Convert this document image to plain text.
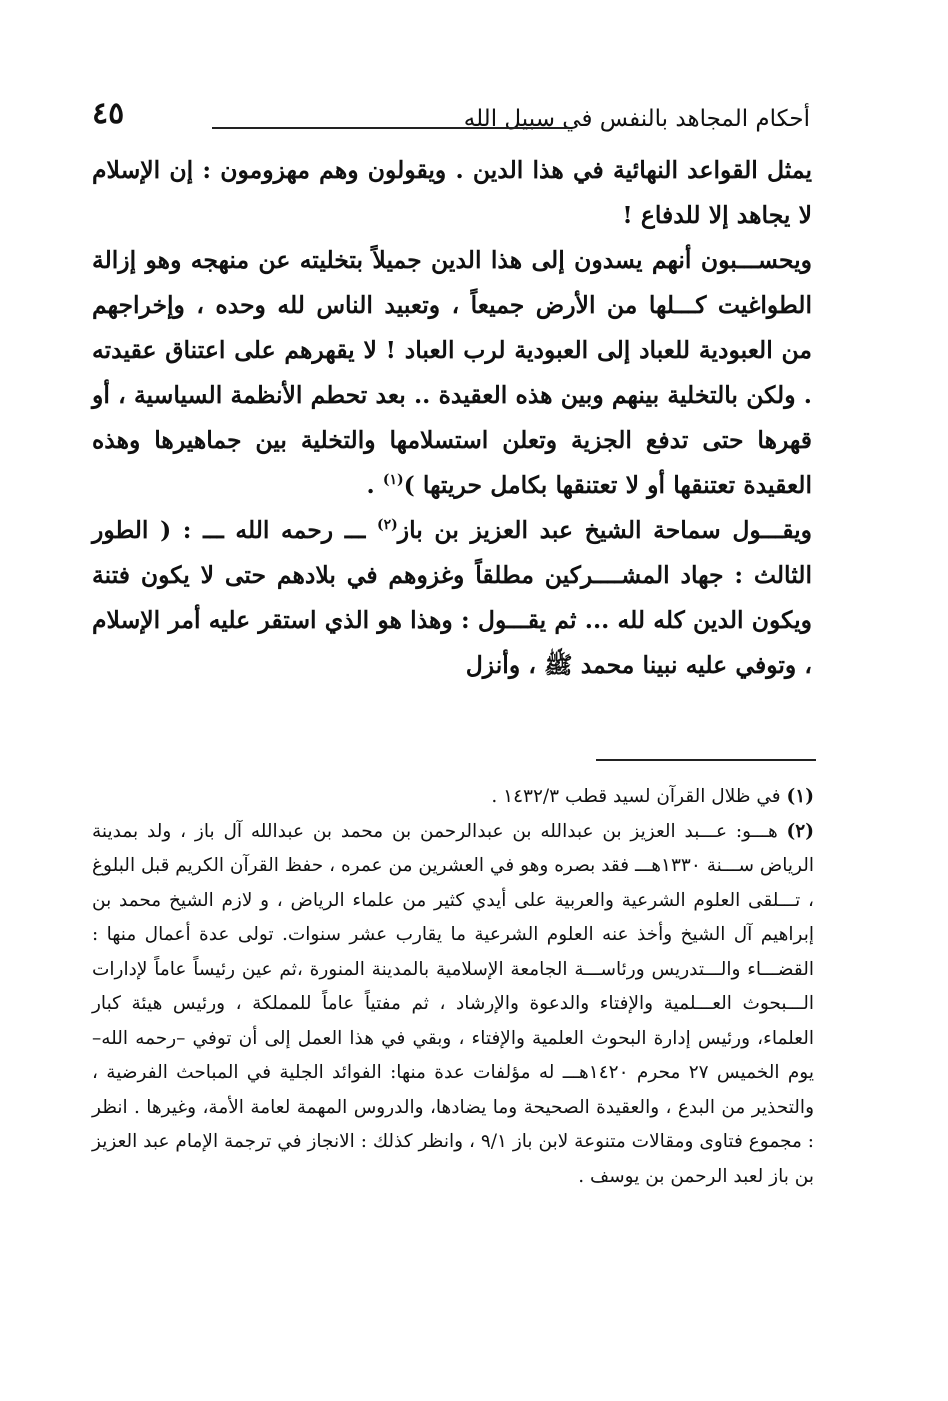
أحكام المجاهد بالنفس في سبيل الله
٤٥

يمثل القواعد النهائية في هذا الدين . ويقولون وهم مهزومون : إن الإسلام لا يجاهد إلا للدفاع !

ويحســـبون أنهم يسدون إلى هذا الدين جميلاً بتخليته عن منهجه وهو إزالة الطواغيت كـــلها من الأرض جميعاً ، وتعبيد الناس لله وحده ، وإخراجهم من العبودية للعباد إلى العبودية لرب العباد ! لا يقهرهم على اعتناق عقيدته . ولكن بالتخلية بينهم وبين هذه العقيدة .. بعد تحطم الأنظمة السياسية ، أو قهرها حتى تدفع الجزية وتعلن استسلامها والتخلية بين جماهيرها وهذه العقيدة تعتنقها أو لا تعتنقها بكامل حريتها )$^{(١)}$ .

ويقـــول سماحة الشيخ عبد العزيز بن باز$^{(٢)}$ ـــ رحمه الله ـــ : ( الطور الثالث : جهاد المشــــركين مطلقاً وغزوهم في بلادهم حتى لا يكون فتنة ويكون الدين كله لله ... ثم يقـــول : وهذا هو الذي استقر عليه أمر الإسلام ، وتوفي عليه نبينا محمد ﷺ ، وأنزل

(١) في ظلال القرآن لسيد قطب ١٤٣٢/٣ .

(٢) هـــو: عـــبد العزيز بن عبدالله بن عبدالرحمن بن محمد بن عبدالله آل باز ، ولد بمدينة الرياض ســـنة ١٣٣٠هـــ فقد بصره وهو في العشرين من عمره ، حفظ القرآن الكريم قبل البلوغ ، تـــلقى العلوم الشرعية والعربية على أيدي كثير من علماء الرياض ، و لازم الشيخ محمد بن إبراهيم آل الشيخ وأخذ عنه العلوم الشرعية ما يقارب عشر سنوات. تولى عدة أعمال منها : القضـــاء والـــتدريس ورئاســـة الجامعة الإسلامية بالمدينة المنورة ،ثم عين رئيساً عاماً لإدارات الـــبحوث العـــلمية والإفتاء والدعوة والإرشاد ، ثم مفتياً عاماً للمملكة ، ورئيس هيئة كبار العلماء، ورئيس إدارة البحوث العلمية والإفتاء ، وبقي في هذا العمل إلى أن توفي –رحمه الله– يوم الخميس ٢٧ محرم ١٤٢٠هـــ له مؤلفات عدة منها: الفوائد الجلية في المباحث الفرضية ، والتحذير من البدع ، والعقيدة الصحيحة وما يضادها، والدروس المهمة لعامة الأمة، وغيرها . انظر : مجموع فتاوى ومقالات متنوعة لابن باز ٩/١ ، وانظر كذلك : الانجاز في ترجمة الإمام عبد العزيز بن باز لعبد الرحمن بن يوسف .
